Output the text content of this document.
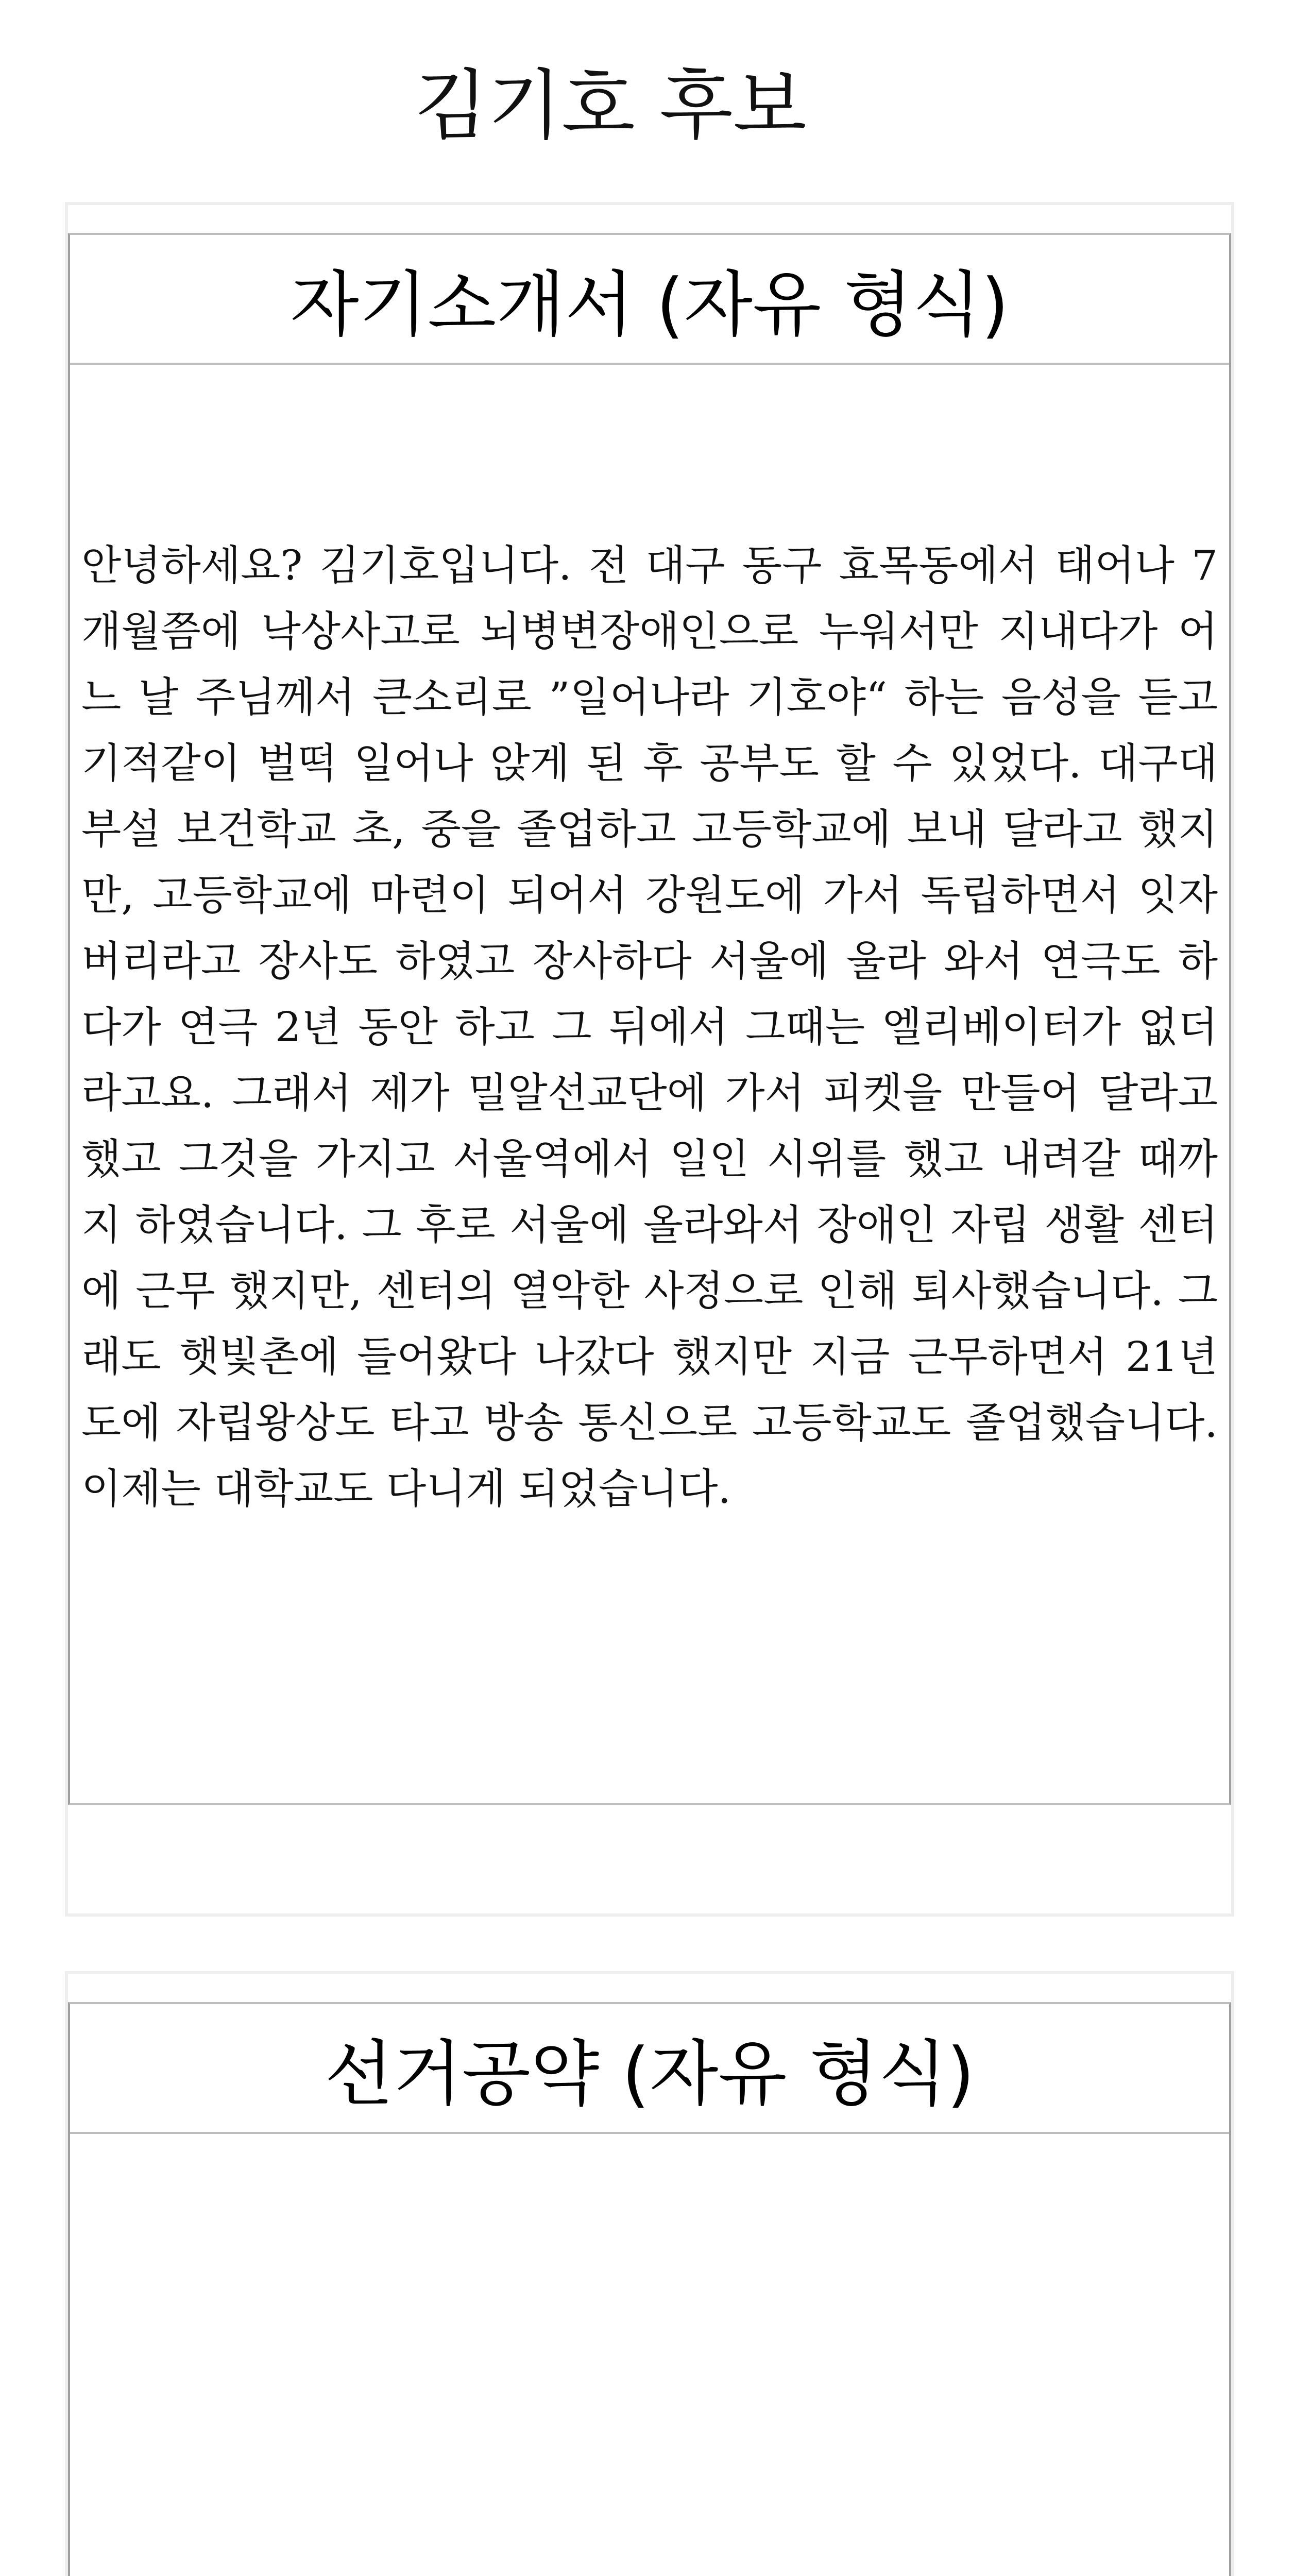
김기호 후보
자기소개서 (자유 형식)
안녕하세요? 김기호입니다. 전 대구 동구 효목동에서 태어나 7개월쯤에 낙상사고로 뇌병변장애인으로 누워서만 지내다가 어느 날 주님께서 큰소리로 ”일어나라 기호야“ 하는 음성을 듣고 기적같이 벌떡 일어나 앉게 된 후 공부도 할 수 있었다. 대구대 부설 보건학교 초, 중을 졸업하고 고등학교에 보내 달라고 했지만, 고등학교에 마련이 되어서 강원도에 가서 독립하면서 잇자 버리라고 장사도 하였고 장사하다 서울에 울라 와서 연극도 하다가 연극 2년 동안 하고 그 뒤에서 그때는 엘리베이터가 없더라고요. 그래서 제가 밀알선교단에 가서 피켓을 만들어 달라고 했고 그것을 가지고 서울역에서 일인 시위를 했고 내려갈 때까지 하였습니다. 그 후로 서울에 올라와서 장애인 자립 생활 센터에 근무 했지만, 센터의 열악한 사정으로 인해 퇴사했습니다. 그래도 햇빛촌에 들어왔다 나갔다 했지만 지금 근무하면서 21년도에 자립왕상도 타고 방송 통신으로 고등학교도 졸업했습니다. 이제는 대학교도 다니게 되었습니다.
선거공약 (자유 형식)
